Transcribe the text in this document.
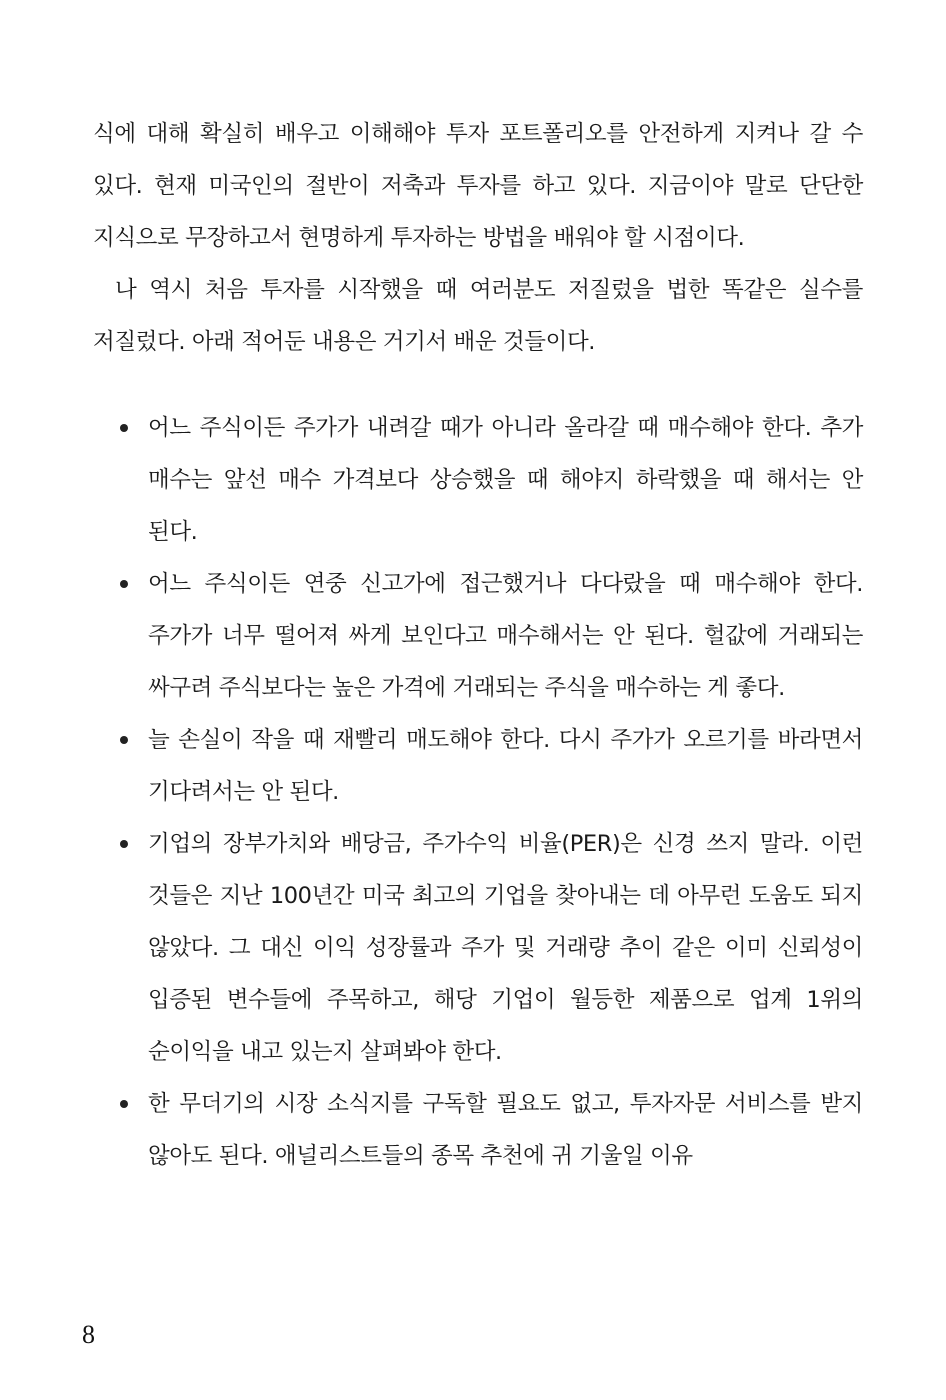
식에 대해 확실히 배우고 이해해야 투자 포트폴리오를 안전하게 지켜나 갈 수 있다. 현재 미국인의 절반이 저축과 투자를 하고 있다. 지금이야 말로 단단한 지식으로 무장하고서 현명하게 투자하는 방법을 배워야 할 시점이다.

나 역시 처음 투자를 시작했을 때 여러분도 저질렀을 법한 똑같은 실수를 저질렀다. 아래 적어둔 내용은 거기서 배운 것들이다.

어느 주식이든 주가가 내려갈 때가 아니라 올라갈 때 매수해야 한다. 추가 매수는 앞선 매수 가격보다 상승했을 때 해야지 하락했을 때 해서는 안 된다.
어느 주식이든 연중 신고가에 접근했거나 다다랐을 때 매수해야 한다. 주가가 너무 떨어져 싸게 보인다고 매수해서는 안 된다. 헐값에 거래되는 싸구려 주식보다는 높은 가격에 거래되는 주식을 매수하는 게 좋다.
늘 손실이 작을 때 재빨리 매도해야 한다. 다시 주가가 오르기를 바라면서 기다려서는 안 된다.
기업의 장부가치와 배당금, 주가수익 비율(PER)은 신경 쓰지 말라. 이런 것들은 지난 100년간 미국 최고의 기업을 찾아내는 데 아무런 도움도 되지 않았다. 그 대신 이익 성장률과 주가 및 거래량 추이 같은 이미 신뢰성이 입증된 변수들에 주목하고, 해당 기업이 월등한 제품으로 업계 1위의 순이익을 내고 있는지 살펴봐야 한다.
한 무더기의 시장 소식지를 구독할 필요도 없고, 투자자문 서비스를 받지 않아도 된다. 애널리스트들의 종목 추천에 귀 기울일 이유
8
